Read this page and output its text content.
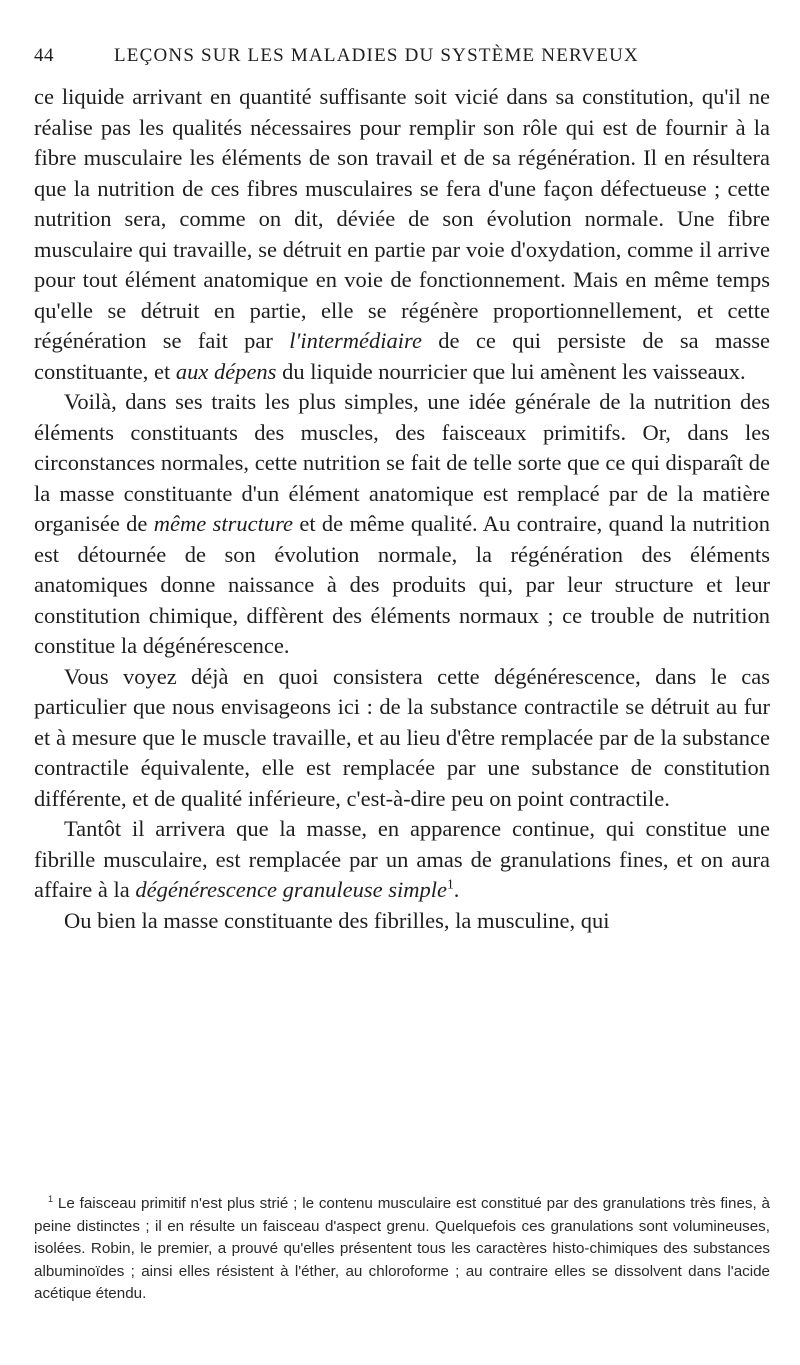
44	LEÇONS SUR LES MALADIES DU SYSTÈME NERVEUX

ce liquide arrivant en quantité suffisante soit vicié dans sa constitution, qu'il ne réalise pas les qualités nécessaires pour remplir son rôle qui est de fournir à la fibre musculaire les éléments de son travail et de sa régénération. Il en résultera que la nutrition de ces fibres musculaires se fera d'une façon défectueuse ; cette nutrition sera, comme on dit, déviée de son évolution normale. Une fibre musculaire qui travaille, se détruit en partie par voie d'oxydation, comme il arrive pour tout élément anatomique en voie de fonctionnement. Mais en même temps qu'elle se détruit en partie, elle se régénère proportionnellement, et cette régénération se fait par l'intermédiaire de ce qui persiste de sa masse constituante, et aux dépens du liquide nourricier que lui amènent les vaisseaux.

Voilà, dans ses traits les plus simples, une idée générale de la nutrition des éléments constituants des muscles, des faisceaux primitifs. Or, dans les circonstances normales, cette nutrition se fait de telle sorte que ce qui disparaît de la masse constituante d'un élément anatomique est remplacé par de la matière organisée de même structure et de même qualité. Au contraire, quand la nutrition est détournée de son évolution normale, la régénération des éléments anatomiques donne naissance à des produits qui, par leur structure et leur constitution chimique, diffèrent des éléments normaux ; ce trouble de nutrition constitue la dégénérescence.

Vous voyez déjà en quoi consistera cette dégénérescence, dans le cas particulier que nous envisageons ici : de la substance contractile se détruit au fur et à mesure que le muscle travaille, et au lieu d'être remplacée par de la substance contractile équivalente, elle est remplacée par une substance de constitution différente, et de qualité inférieure, c'est-à-dire peu on point contractile.

Tantôt il arrivera que la masse, en apparence continue, qui constitue une fibrille musculaire, est remplacée par un amas de granulations fines, et on aura affaire à la dégénérescence granuleuse simple$^1$.

Ou bien la masse constituante des fibrilles, la musculine, qui

$^1$ Le faisceau primitif n'est plus strié ; le contenu musculaire est constitué par des granulations très fines, à peine distinctes ; il en résulte un faisceau d'aspect grenu. Quelquefois ces granulations sont volumineuses, isolées. Robin, le premier, a prouvé qu'elles présentent tous les caractères histo-chimiques des substances albuminoïdes ; ainsi elles résistent à l'éther, au chloroforme ; au contraire elles se dissolvent dans l'acide acétique étendu.
